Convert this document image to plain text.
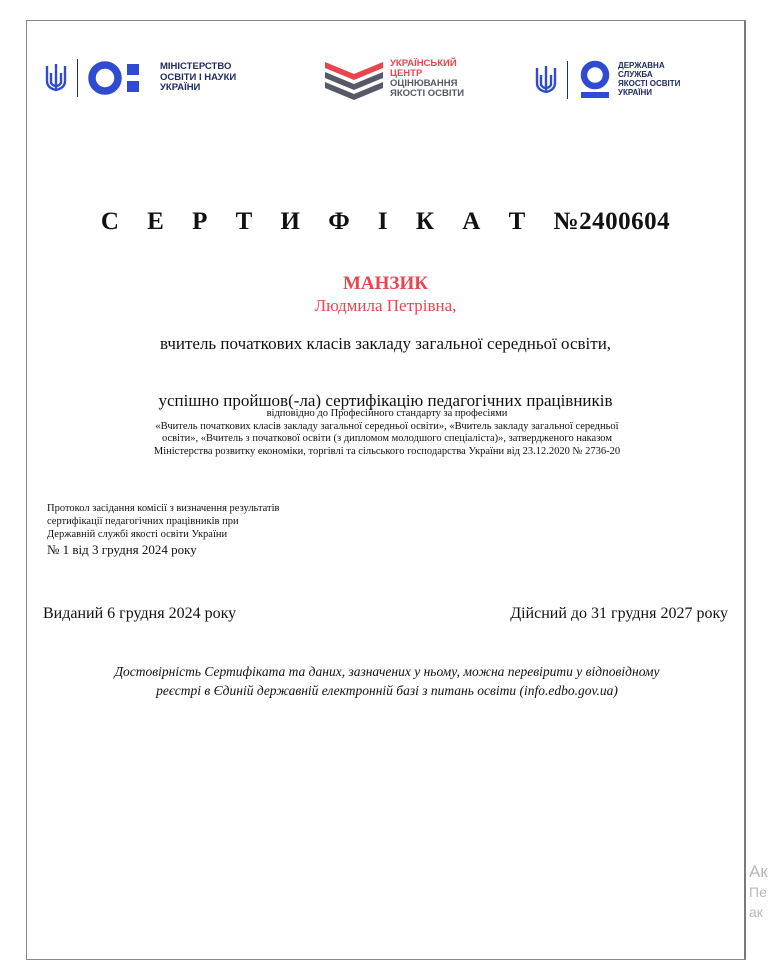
МІНІСТЕРСТВО
ОСВІТИ І НАУКИ
УКРАЇНИ
УКРАЇНСЬКИЙ
ЦЕНТР
ОЦІНЮВАННЯ
ЯКОСТІ ОСВІТИ
ДЕРЖАВНА
СЛУЖБА
ЯКОСТІ ОСВІТИ
УКРАЇНИ
С Е Р Т И Ф І К А Т №2400604
МАНЗИК
Людмила Петрівна,
вчитель початкових класів закладу загальної середньої освіти,
успішно пройшов(-ла) сертифікацію педагогічних працівників
відповідно до Професійного стандарту за професіями
«Вчитель початкових класів закладу загальної середньої освіти», «Вчитель закладу загальної середньої
освіти», «Вчитель з початкової освіти (з дипломом молодшого спеціаліста)», затвердженого наказом
Міністерства розвитку економіки, торгівлі та сільського господарства України від 23.12.2020 № 2736-20
Протокол засідання комісії з визначення результатів
сертифікації педагогічних працівників при
Державній службі якості освіти України
№ 1 від 3 грудня 2024 року
Виданий 6 грудня 2024 року	Дійсний до 31 грудня 2027 року
Достовірність Сертифіката та даних, зазначених у ньому, можна перевірити у відповідному
реєстрі в Єдиній державній електронній базі з питань освіти (info.edbo.gov.ua)
Ак
Пе
ак
